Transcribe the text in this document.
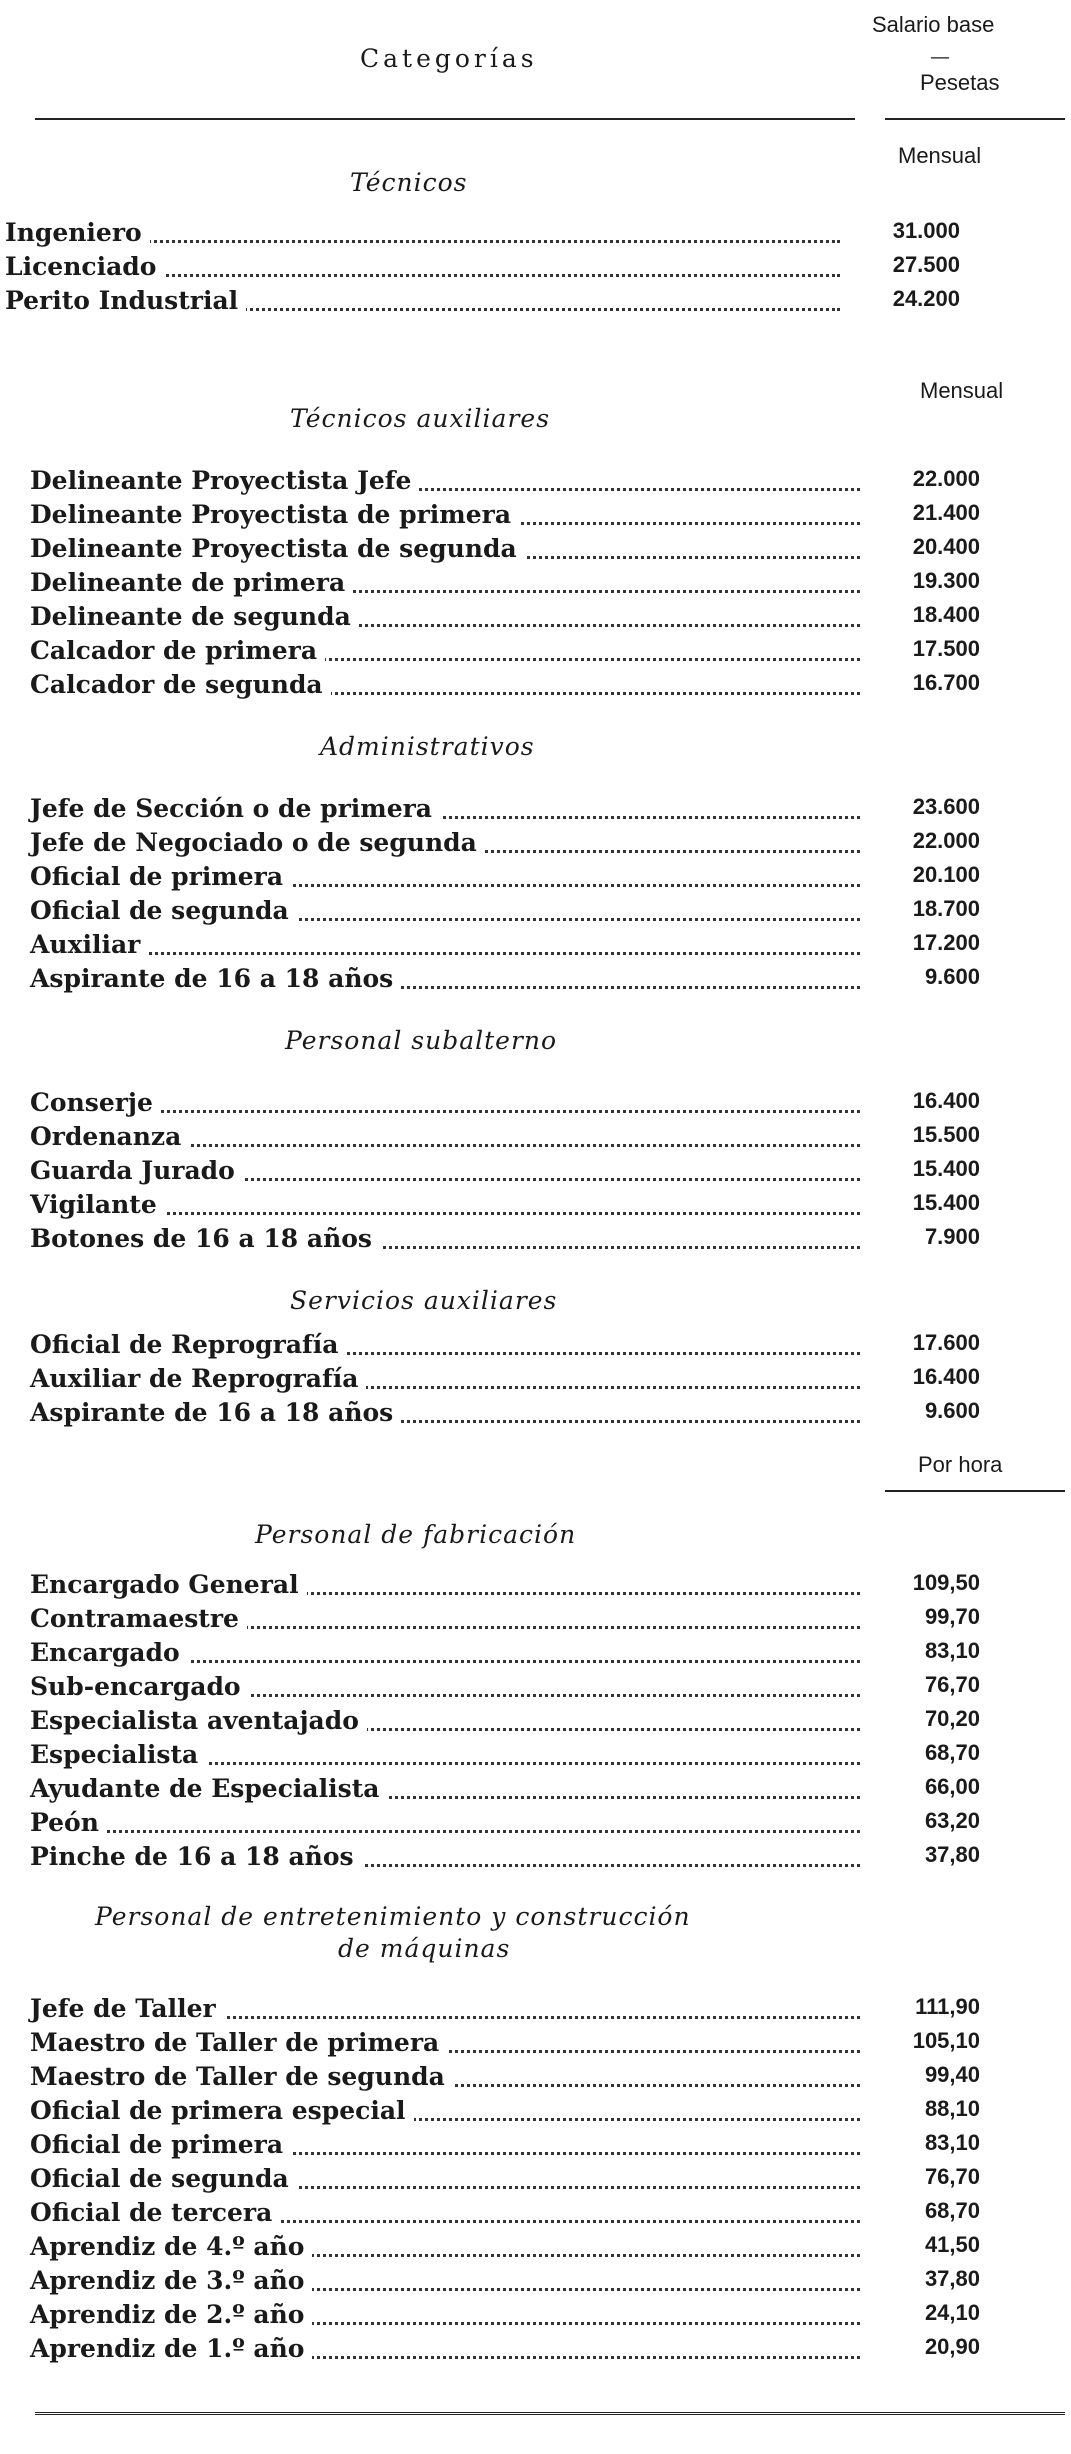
Categorías
Salario base
—
Pesetas
Mensual
Técnicos
Ingeniero	31.000
Licenciado	27.500
Perito Industrial	24.200
Mensual
Técnicos auxiliares
Delineante Proyectista Jefe	22.000
Delineante Proyectista de primera	21.400
Delineante Proyectista de segunda	20.400
Delineante de primera	19.300
Delineante de segunda	18.400
Calcador de primera	17.500
Calcador de segunda	16.700
Administrativos
Jefe de Sección o de primera	23.600
Jefe de Negociado o de segunda	22.000
Oficial de primera	20.100
Oficial de segunda	18.700
Auxiliar	17.200
Aspirante de 16 a 18 años	9.600
Personal subalterno
Conserje	16.400
Ordenanza	15.500
Guarda Jurado	15.400
Vigilante	15.400
Botones de 16 a 18 años	7.900
Servicios auxiliares
Oficial de Reprografía	17.600
Auxiliar de Reprografía	16.400
Aspirante de 16 a 18 años	9.600
Por hora
Personal de fabricación
Encargado General	109,50
Contramaestre	99,70
Encargado	83,10
Sub-encargado	76,70
Especialista aventajado	70,20
Especialista	68,70
Ayudante de Especialista	66,00
Peón	63,20
Pinche de 16 a 18 años	37,80
Personal de entretenimiento y construcción
de máquinas
Jefe de Taller	111,90
Maestro de Taller de primera	105,10
Maestro de Taller de segunda	99,40
Oficial de primera especial	88,10
Oficial de primera	83,10
Oficial de segunda	76,70
Oficial de tercera	68,70
Aprendiz de 4.º año	41,50
Aprendiz de 3.º año	37,80
Aprendiz de 2.º año	24,10
Aprendiz de 1.º año	20,90
